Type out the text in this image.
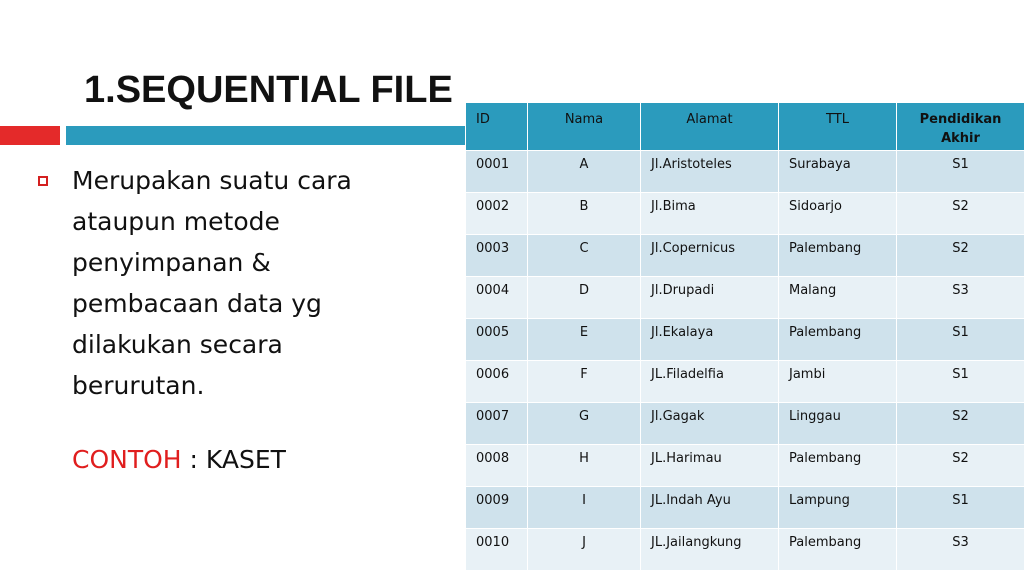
1.SEQUENTIAL FILE
Merupakan suatu cara ataupun metode penyimpanan & pembacaan data yg dilakukan secara berurutan.
CONTOH : KASET
ID	Nama	Alamat	TTL	Pendidikan Akhir
0001	A	Jl.Aristoteles	Surabaya	S1
0002	B	Jl.Bima	Sidoarjo	S2
0003	C	Jl.Copernicus	Palembang	S2
0004	D	Jl.Drupadi	Malang	S3
0005	E	Jl.Ekalaya	Palembang	S1
0006	F	JL.Filadelfia	Jambi	S1
0007	G	Jl.Gagak	Linggau	S2
0008	H	JL.Harimau	Palembang	S2
0009	I	JL.Indah Ayu	Lampung	S1
0010	J	JL.Jailangkung	Palembang	S3
